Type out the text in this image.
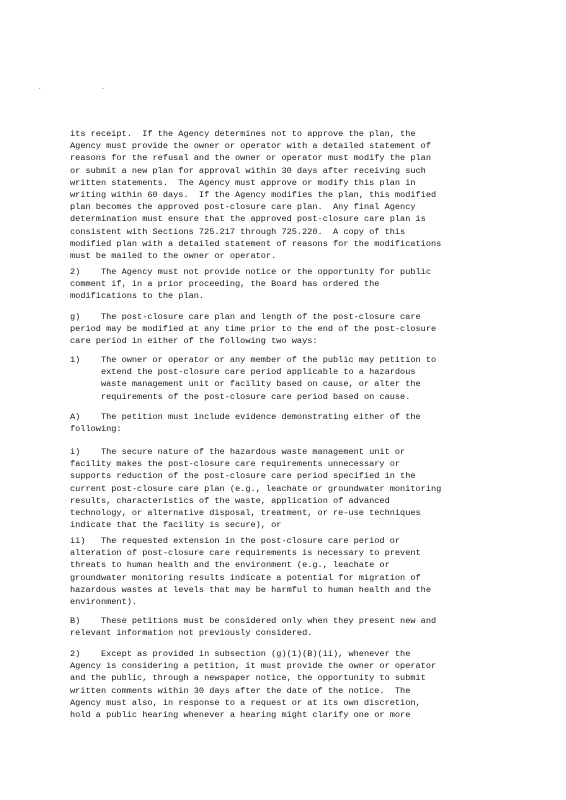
. .

its receipt.  If the Agency determines not to approve the plan, the
Agency must provide the owner or operator with a detailed statement of
reasons for the refusal and the owner or operator must modify the plan
or submit a new plan for approval within 30 days after receiving such
written statements.  The Agency must approve or modify this plan in
writing within 60 days.  If the Agency modifies the plan, this modified
plan becomes the approved post-closure care plan.  Any final Agency
determination must ensure that the approved post-closure care plan is
consistent with Sections 725.217 through 725.220.  A copy of this
modified plan with a detailed statement of reasons for the modifications
must be mailed to the owner or operator.

2)    The Agency must not provide notice or the opportunity for public
comment if, in a prior proceeding, the Board has ordered the
modifications to the plan.

g)    The post-closure care plan and length of the post-closure care
period may be modified at any time prior to the end of the post-closure
care period in either of the following two ways:

1)    The owner or operator or any member of the public may petition to
extend the post-closure care period applicable to a hazardous
waste management unit or facility based on cause, or alter the
requirements of the post-closure care period based on cause.

A)    The petition must include evidence demonstrating either of the
following:

i)    The secure nature of the hazardous waste management unit or
facility makes the post-closure care requirements unnecessary or
supports reduction of the post-closure care period specified in the
current post-closure care plan (e.g., leachate or groundwater monitoring
results, characteristics of the waste, application of advanced
technology, or alternative disposal, treatment, or re-use techniques
indicate that the facility is secure), or

ii)   The requested extension in the post-closure care period or
alteration of post-closure care requirements is necessary to prevent
threats to human health and the environment (e.g., leachate or
groundwater monitoring results indicate a potential for migration of
hazardous wastes at levels that may be harmful to human health and the
environment).

B)    These petitions must be considered only when they present new and
relevant information not previously considered.

2)    Except as provided in subsection (g)(1)(B)(ii), whenever the
Agency is considering a petition, it must provide the owner or operator
and the public, through a newspaper notice, the opportunity to submit
written comments within 30 days after the date of the notice.  The
Agency must also, in response to a request or at its own discretion,
hold a public hearing whenever a hearing might clarify one or more
